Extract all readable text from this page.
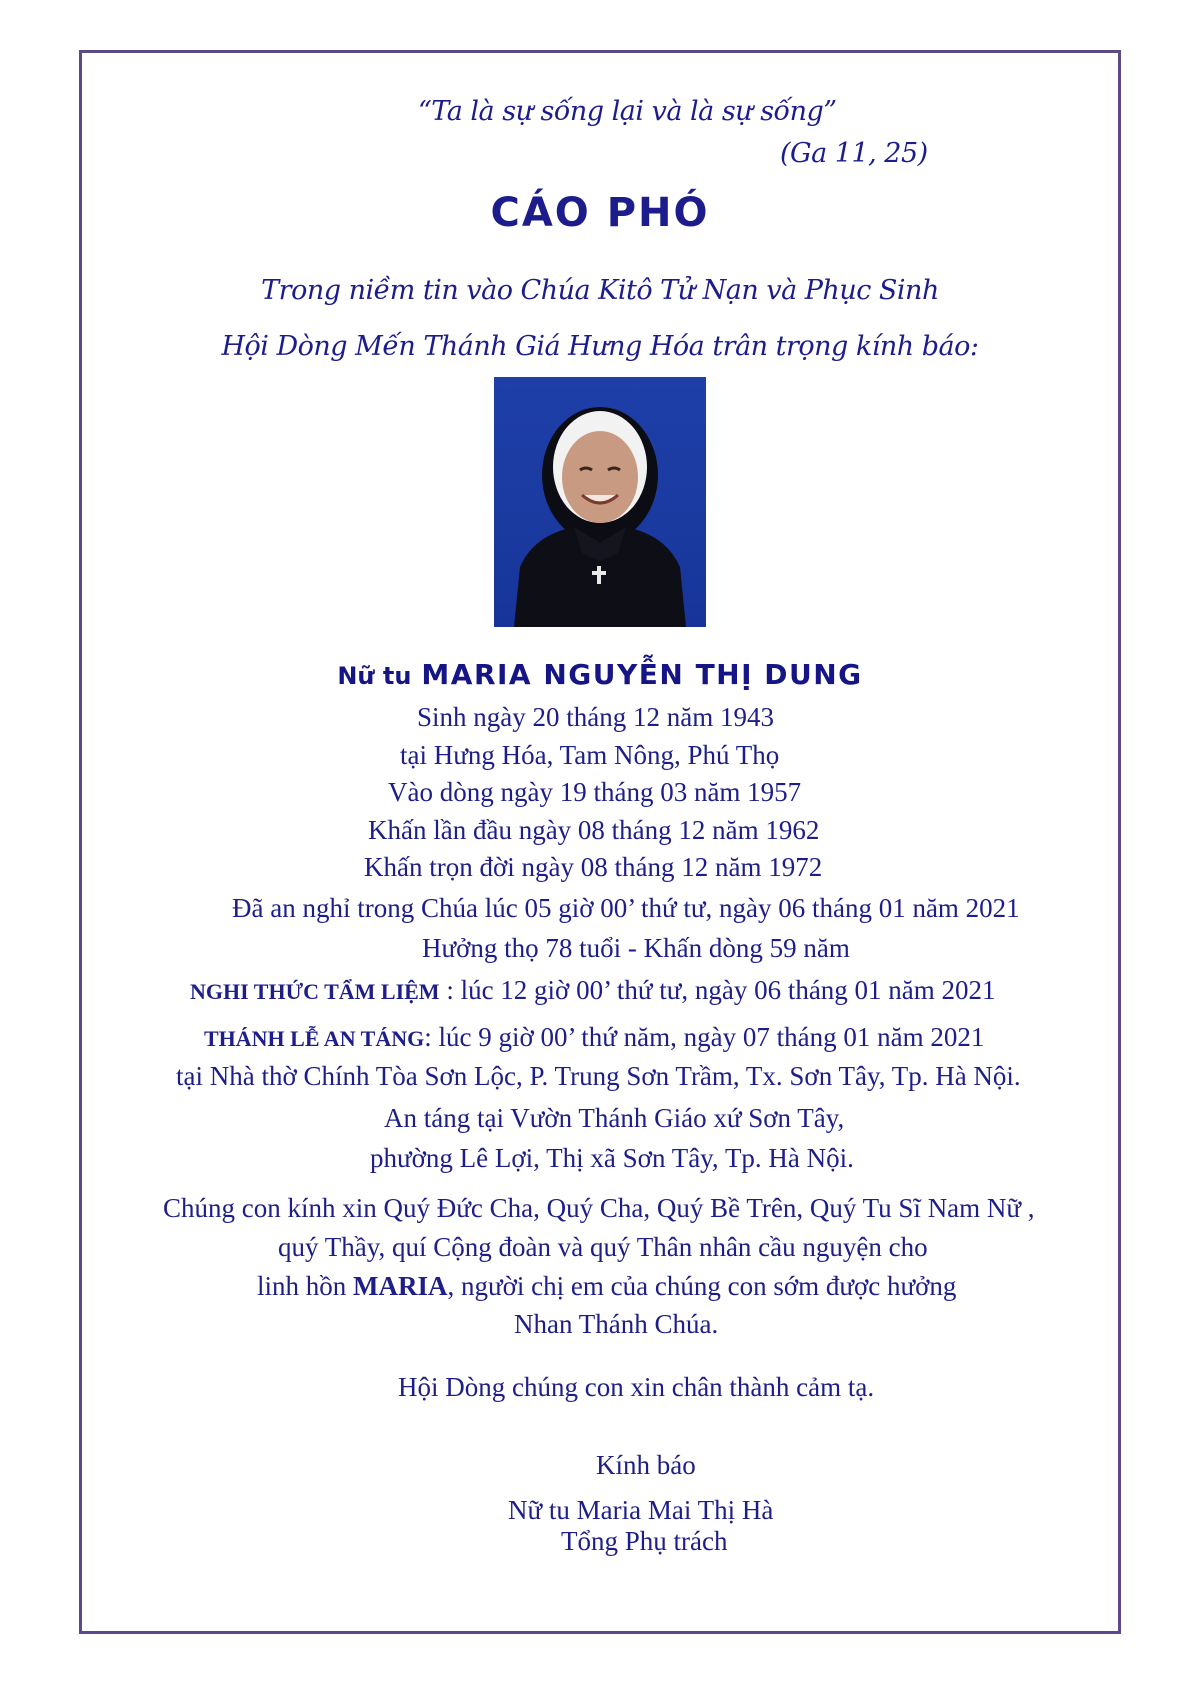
“Ta là sự sống lại và là sự sống”
(Ga 11, 25)
CÁO PHÓ
Trong niềm tin vào Chúa Kitô Tử Nạn và Phục Sinh
Hội Dòng Mến Thánh Giá Hưng Hóa trân trọng kính báo:
Nữ tu MARIA NGUYỄN THỊ DUNG
Sinh ngày 20 tháng 12 năm 1943
tại Hưng Hóa, Tam Nông, Phú Thọ
Vào dòng ngày 19 tháng 03 năm 1957
Khấn lần đầu ngày 08 tháng 12 năm 1962
Khấn trọn đời ngày 08 tháng 12 năm 1972
Đã an nghỉ trong Chúa lúc 05 giờ 00’ thứ tư, ngày 06 tháng 01 năm 2021
Hưởng thọ 78 tuổi - Khấn dòng 59 năm
NGHI THỨC TẨM LIỆM : lúc 12 giờ 00’ thứ tư, ngày 06 tháng 01 năm 2021
THÁNH LỄ AN TÁNG: lúc 9 giờ 00’ thứ năm, ngày 07 tháng 01 năm 2021
tại Nhà thờ Chính Tòa Sơn Lộc, P. Trung Sơn Trầm, Tx. Sơn Tây, Tp. Hà Nội.
An táng tại Vườn Thánh Giáo xứ Sơn Tây,
phường Lê Lợi, Thị xã Sơn Tây, Tp. Hà Nội.
Chúng con kính xin Quý Đức Cha, Quý Cha, Quý Bề Trên, Quý Tu Sĩ Nam Nữ ,
quý Thầy, quí Cộng đoàn và quý Thân nhân cầu nguyện cho
linh hồn MARIA, người chị em của chúng con sớm được hưởng
Nhan Thánh Chúa.
Hội Dòng chúng con xin chân thành cảm tạ.
Kính báo
Nữ tu Maria Mai Thị Hà
Tổng Phụ trách
